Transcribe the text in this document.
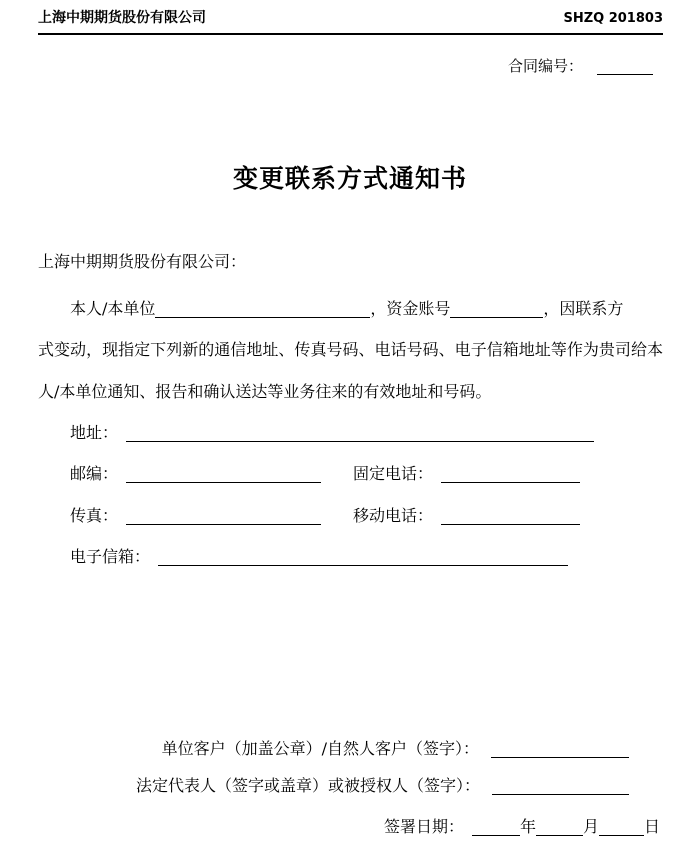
上海中期期货股份有限公司	SHZQ 201803
合同编号：
变更联系方式通知书
上海中期期货股份有限公司：
本人/本单位	，资金账号	，因联系方
式变动，现指定下列新的通信地址、传真号码、电话号码、电子信箱地址等作为贵司给本
人/本单位通知、报告和确认送达等业务往来的有效地址和号码。
地址：
邮编：	固定电话：
传真：	移动电话：
电子信箱：
单位客户（加盖公章）/自然人客户（签字）：
法定代表人（签字或盖章）或被授权人（签字）：
签署日期：	年	月	日
